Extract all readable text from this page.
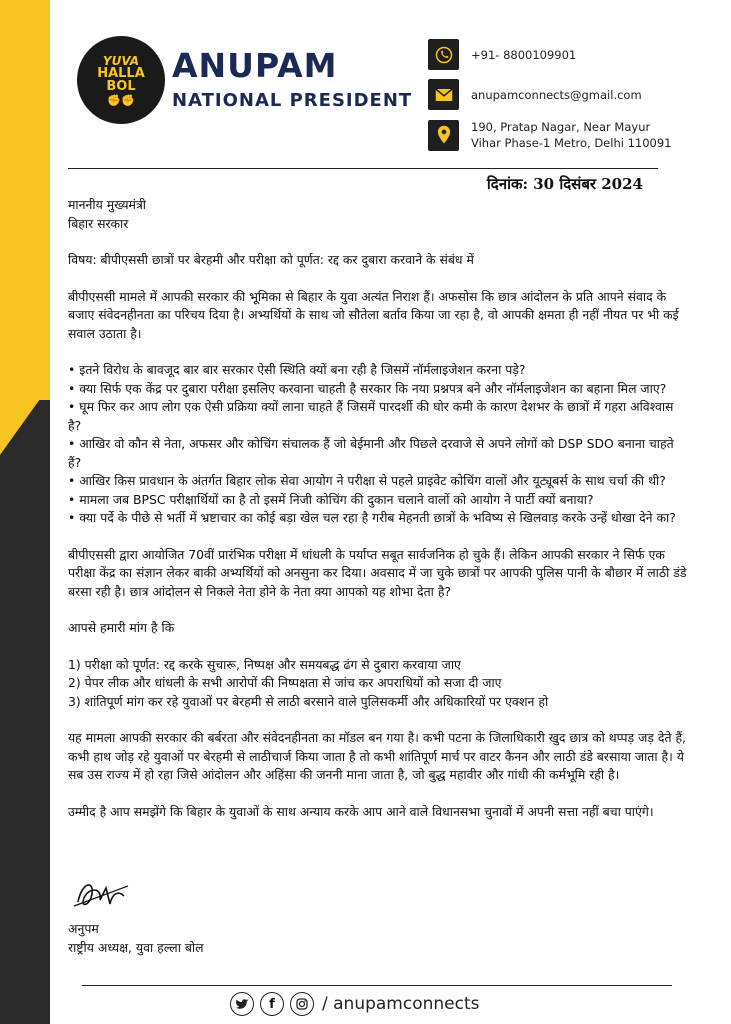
YUVA
HALLA
BOL
✊✊
ANUPAM
NATIONAL PRESIDENT
+91- 8800109901
anupamconnects@gmail.com
190, Pratap Nagar, Near Mayur
Vihar Phase-1 Metro, Delhi 110091
दिनांक: 30 दिसंबर 2024

माननीय मुख्यमंत्री

बिहार सरकार

विषय: बीपीएससी छात्रों पर बेरहमी और परीक्षा को पूर्णत: रद्द कर दुबारा करवाने के संबंध में

बीपीएससी मामले में आपकी सरकार की भूमिका से बिहार के युवा अत्यंत निराश हैं। अफसोस कि छात्र आंदोलन के प्रति आपने संवाद के बजाए संवेदनहीनता का परिचय दिया है। अभ्यर्थियों के साथ जो सौतेला बर्ताव किया जा रहा है, वो आपकी क्षमता ही नहीं नीयत पर भी कई सवाल उठाता है।

• इतने विरोध के बावजूद बार बार सरकार ऐसी स्थिति क्यों बना रही है जिसमें नॉर्मलाइजेशन करना पड़े?

• क्या सिर्फ एक केंद्र पर दुबारा परीक्षा इसलिए करवाना चाहती है सरकार कि नया प्रश्नपत्र बने और नॉर्मलाइजेशन का बहाना मिल जाए?

• घूम फिर कर आप लोग एक ऐसी प्रक्रिया क्यों लाना चाहते हैं जिसमें पारदर्शी की घोर कमी के कारण देशभर के छात्रों में गहरा अविश्वास है?

• आखिर वो कौन से नेता, अफसर और कोचिंग संचालक हैं जो बेईमानी और पिछले दरवाजे से अपने लोगों को DSP SDO बनाना चाहते हैं?

• आखिर किस प्रावधान के अंतर्गत बिहार लोक सेवा आयोग ने परीक्षा से पहले प्राइवेट कोचिंग वालों और यूट्यूबर्स के साथ चर्चा की थी?

• मामला जब BPSC परीक्षार्थियों का है तो इसमें निजी कोचिंग की दुकान चलाने वालों को आयोग ने पार्टी क्यों बनाया?

• क्या पर्दे के पीछे से भर्ती में भ्रष्टाचार का कोई बड़ा खेल चल रहा है गरीब मेहनती छात्रों के भविष्य से खिलवाड़ करके उन्हें धोखा देने का?

बीपीएससी द्वारा आयोजित 70वीं प्रारंभिक परीक्षा में धांधली के पर्याप्त सबूत सार्वजनिक हो चुके हैं। लेकिन आपकी सरकार ने सिर्फ एक परीक्षा केंद्र का संज्ञान लेकर बाकी अभ्यर्थियों को अनसुना कर दिया। अवसाद में जा चुके छात्रों पर आपकी पुलिस पानी के बौछार में लाठी डंडे बरसा रही है। छात्र आंदोलन से निकले नेता होने के नेता क्या आपको यह शोभा देता है?

आपसे हमारी मांग है कि

1) परीक्षा को पूर्णत: रद्द करके सुचारू, निष्पक्ष और समयबद्ध ढंग से दुबारा करवाया जाए

2) पेपर लीक और धांधली के सभी आरोपों की निष्पक्षता से जांच कर अपराधियों को सजा दी जाए

3) शांतिपूर्ण मांग कर रहे युवाओं पर बेरहमी से लाठी बरसाने वाले पुलिसकर्मी और अधिकारियों पर एक्शन हो

यह मामला आपकी सरकार की बर्बरता और संवेदनहीनता का मॉडल बन गया है। कभी पटना के जिलाधिकारी खुद छात्र को थप्पड़ जड़ देते हैं, कभी हाथ जोड़ रहे युवाओं पर बेरहमी से लाठीचार्ज किया जाता है तो कभी शांतिपूर्ण मार्च पर वाटर कैनन और लाठी डंडे बरसाया जाता है। ये सब उस राज्य में हो रहा जिसे आंदोलन और अहिंसा की जननी माना जाता है, जो बुद्ध महावीर और गांधी की कर्मभूमि रही है।

उम्मीद है आप समझेंगे कि बिहार के युवाओं के साथ अन्याय करके आप आने वाले विधानसभा चुनावों में अपनी सत्ता नहीं बचा पाएंगे।

अनुपम
राष्ट्रीय अध्यक्ष, युवा हल्ला बोल
f	/ anupamconnects
